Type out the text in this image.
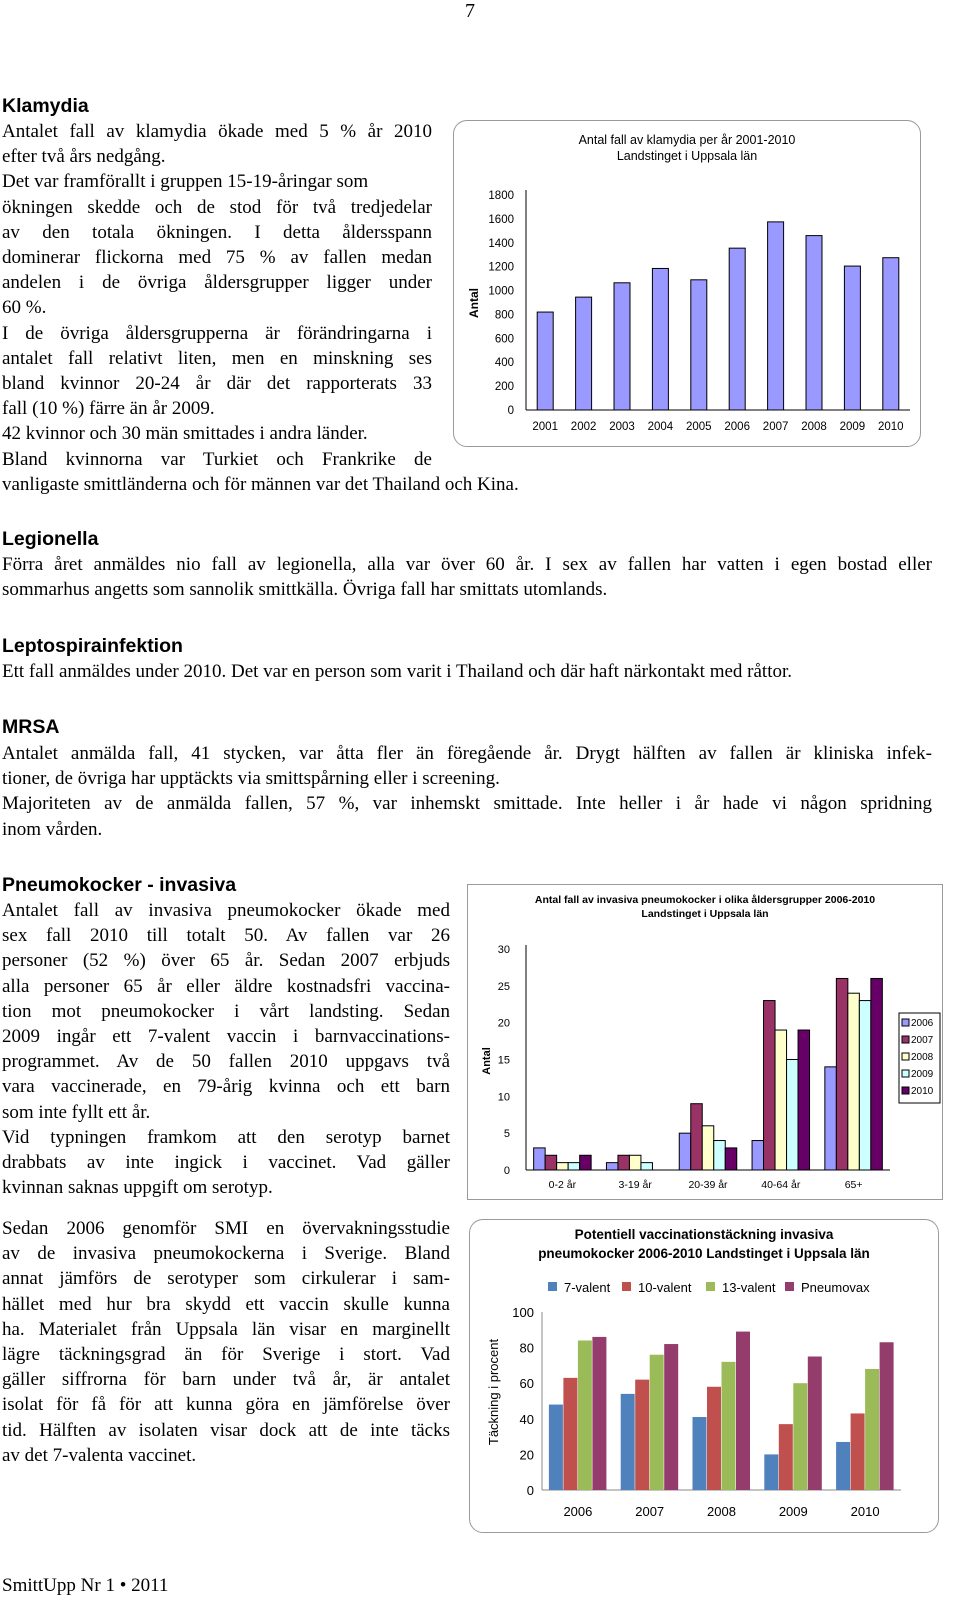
7
Klamydia
Antalet fall av klamydia ökade med 5 % år 2010
efter två års nedgång.
Det var framförallt i gruppen 15-19-åringar som
ökningen skedde och de stod för två tredjedelar
av den totala ökningen. I detta åldersspann
dominerar flickorna med 75 % av fallen medan
andelen i de övriga åldersgrupper ligger under
60 %.
I de övriga åldersgrupperna är förändringarna i
antalet fall relativt liten, men en minskning ses
bland kvinnor 20-24 år där det rapporterats 33
fall (10 %) färre än år 2009.
42 kvinnor och 30 män smittades i andra länder.
Bland kvinnorna var Turkiet och Frankrike de
vanligaste smittländerna och för männen var det Thailand och Kina.
Antal fall av klamydia per år 2001-2010
Landstinget i Uppsala län
Antal
1800
1600
1400
1200
1000
800
600
400
200
0
2001 2002 2003 2004 2005 2006 2007 2008 2009 2010
Legionella
Förra året anmäldes nio fall av legionella, alla var över 60 år. I sex av fallen har vatten i egen bostad eller
sommarhus angetts som sannolik smittkälla. Övriga fall har smittats utomlands.
Leptospirainfektion
Ett fall anmäldes under 2010. Det var en person som varit i Thailand och där haft närkontakt med råttor.
MRSA
Antalet anmälda fall, 41 stycken, var åtta fler än föregående år. Drygt hälften av fallen är kliniska infek-
tioner, de övriga har upptäckts via smittspårning eller i screening.
Majoriteten av de anmälda fallen, 57 %, var inhemskt smittade. Inte heller i år hade vi någon spridning
inom vården.
Pneumokocker - invasiva
Antalet fall av invasiva pneumokocker ökade med
sex fall 2010 till totalt 50. Av fallen var 26
personer (52 %) över 65 år. Sedan 2007 erbjuds
alla personer 65 år eller äldre kostnadsfri vaccina-
tion mot pneumokocker i vårt landsting. Sedan
2009 ingår ett 7-valent vaccin i barnvaccinations-
programmet. Av de 50 fallen 2010 uppgavs två
vara vaccinerade, en 79-årig kvinna och ett barn
som inte fyllt ett år.
Vid typningen framkom att den serotyp barnet
drabbats av inte ingick i vaccinet. Vad gäller
kvinnan saknas uppgift om serotyp.
Sedan 2006 genomför SMI en övervakningsstudie
av de invasiva pneumokockerna i Sverige. Bland
annat jämförs de serotyper som cirkulerar i sam-
hället med hur bra skydd ett vaccin skulle kunna
ha. Materialet från Uppsala län visar en marginellt
lägre täckningsgrad än för Sverige i stort. Vad
gäller siffrorna för barn under två år, är antalet
isolat för få för att kunna göra en jämförelse över
tid. Hälften av isolaten visar dock att de inte täcks
av det 7-valenta vaccinet.
Antal fall av invasiva pneumokocker i olika åldersgrupper 2006-2010
Landstinget i Uppsala län
Antal
30
25
20
15
10
5
0
0-2 år	3-19 år	20-39 år	40-64 år	65+
2006
2007
2008
2009
2010
Potentiell vaccinationstäckning invasiva
pneumokocker 2006-2010 Landstinget i Uppsala län
Täckning i procent
100
80
60
40
20
0
2006	2007	2008	2009	2010
7-valent 10-valent 13-valent Pneumovax
SmittUpp Nr 1 • 2011
